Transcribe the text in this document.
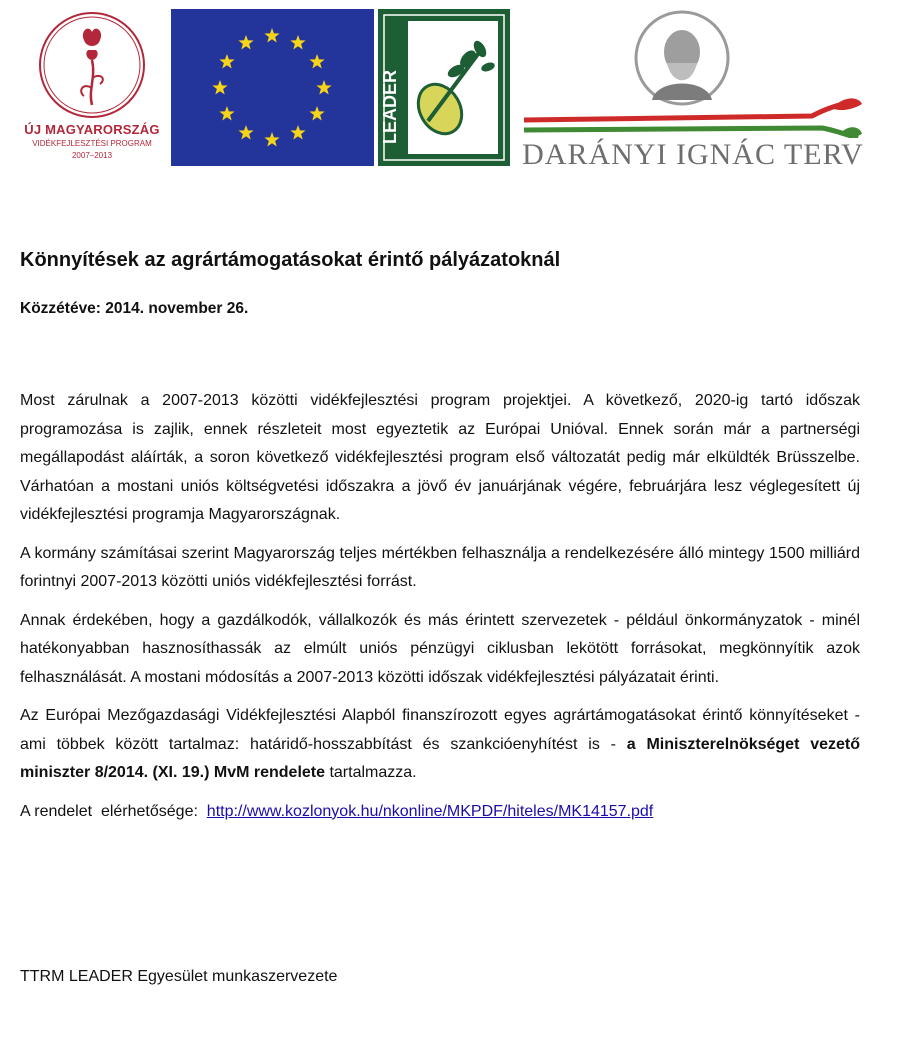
ÚJ MAGYARORSZÁG
VIDÉKFEJLESZTÉSI PROGRAM
2007–2013
LEADER
DARÁNYI IGNÁC TERV
Könnyítések az agrártámogatásokat érintő pályázatoknál

Közzétéve: 2014. november 26.

Most zárulnak a 2007-2013 közötti vidékfejlesztési program projektjei. A következő, 2020-ig tartó időszak programozása is zajlik, ennek részleteit most egyeztetik az Európai Unióval. Ennek során már a partnerségi megállapodást aláírták, a soron következő vidékfejlesztési program első változatát pedig már elküldték Brüsszelbe. Várhatóan a mostani uniós költségvetési időszakra a jövő év januárjának végére, februárjára lesz véglegesített új vidékfejlesztési programja Magyarországnak.

A kormány számításai szerint Magyarország teljes mértékben felhasználja a rendelkezésére álló mintegy 1500 milliárd forintnyi 2007-2013 közötti uniós vidékfejlesztési forrást.

Annak érdekében, hogy a gazdálkodók, vállalkozók és más érintett szervezetek - például önkormányzatok - minél hatékonyabban hasznosíthassák az elmúlt uniós pénzügyi ciklusban lekötött forrásokat, megkönnyítik azok felhasználását. A mostani módosítás a 2007-2013 közötti időszak vidékfejlesztési pályázatait érinti.

Az Európai Mezőgazdasági Vidékfejlesztési Alapból finanszírozott egyes agrártámogatásokat érintő könnyítéseket - ami többek között tartalmaz: határidő-hosszabbítást és szankcióenyhítést is - a Miniszterelnökséget vezető miniszter 8/2014. (XI. 19.) MvM rendelete tartalmazza.

A rendelet  elérhetősége:  http://www.kozlonyok.hu/nkonline/MKPDF/hiteles/MK14157.pdf

TTRM LEADER Egyesület munkaszervezete
